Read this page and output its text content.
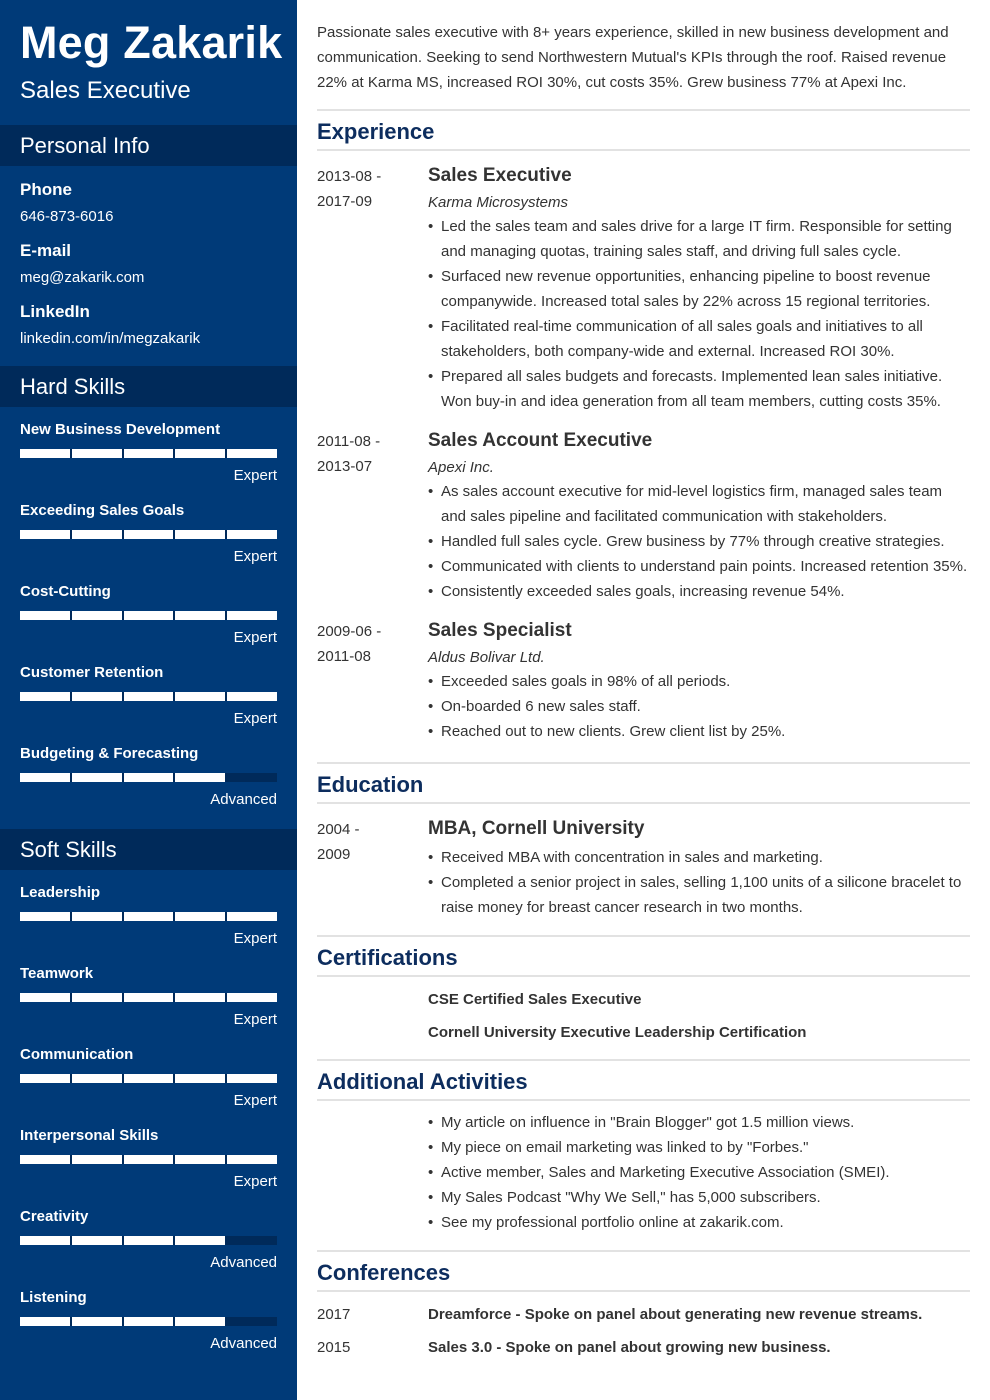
Meg Zakarik
Sales Executive
Personal Info
Phone
646-873-6016
E-mail
meg@zakarik.com
LinkedIn
linkedin.com/in/megzakarik
Hard Skills
New Business Development
Expert
Exceeding Sales Goals
Expert
Cost-Cutting
Expert
Customer Retention
Expert
Budgeting & Forecasting
Advanced
Soft Skills
Leadership
Expert
Teamwork
Expert
Communication
Expert
Interpersonal Skills
Expert
Creativity
Advanced
Listening
Advanced
Passionate sales executive with 8+ years experience, skilled in new business development and communication. Seeking to send Northwestern Mutual's KPIs through the roof. Raised revenue 22% at Karma MS, increased ROI 30%, cut costs 35%. Grew business 77% at Apexi Inc.
Experience
2013-08 -
2017-09
Sales Executive
Karma Microsystems
• Led the sales team and sales drive for a large IT firm. Responsible for setting and managing quotas, training sales staff, and driving full sales cycle.
• Surfaced new revenue opportunities, enhancing pipeline to boost revenue companywide. Increased total sales by 22% across 15 regional territories.
• Facilitated real-time communication of all sales goals and initiatives to all stakeholders, both company-wide and external. Increased ROI 30%.
• Prepared all sales budgets and forecasts. Implemented lean sales initiative. Won buy-in and idea generation from all team members, cutting costs 35%.
2011-08 -
2013-07
Sales Account Executive
Apexi Inc.
• As sales account executive for mid-level logistics firm, managed sales team and sales pipeline and facilitated communication with stakeholders.
• Handled full sales cycle. Grew business by 77% through creative strategies.
• Communicated with clients to understand pain points. Increased retention 35%.
• Consistently exceeded sales goals, increasing revenue 54%.
2009-06 -
2011-08
Sales Specialist
Aldus Bolivar Ltd.
• Exceeded sales goals in 98% of all periods.
• On-boarded 6 new sales staff.
• Reached out to new clients. Grew client list by 25%.
Education
2004 -
2009
MBA, Cornell University
• Received MBA with concentration in sales and marketing.
• Completed a senior project in sales, selling 1,100 units of a silicone bracelet to raise money for breast cancer research in two months.
Certifications
CSE Certified Sales Executive
Cornell University Executive Leadership Certification
Additional Activities
• My article on influence in "Brain Blogger" got 1.5 million views.
• My piece on email marketing was linked to by "Forbes."
• Active member, Sales and Marketing Executive Association (SMEI).
• My Sales Podcast "Why We Sell," has 5,000 subscribers.
• See my professional portfolio online at zakarik.com.
Conferences
2017	Dreamforce - Spoke on panel about generating new revenue streams.
2015	Sales 3.0 - Spoke on panel about growing new business.
